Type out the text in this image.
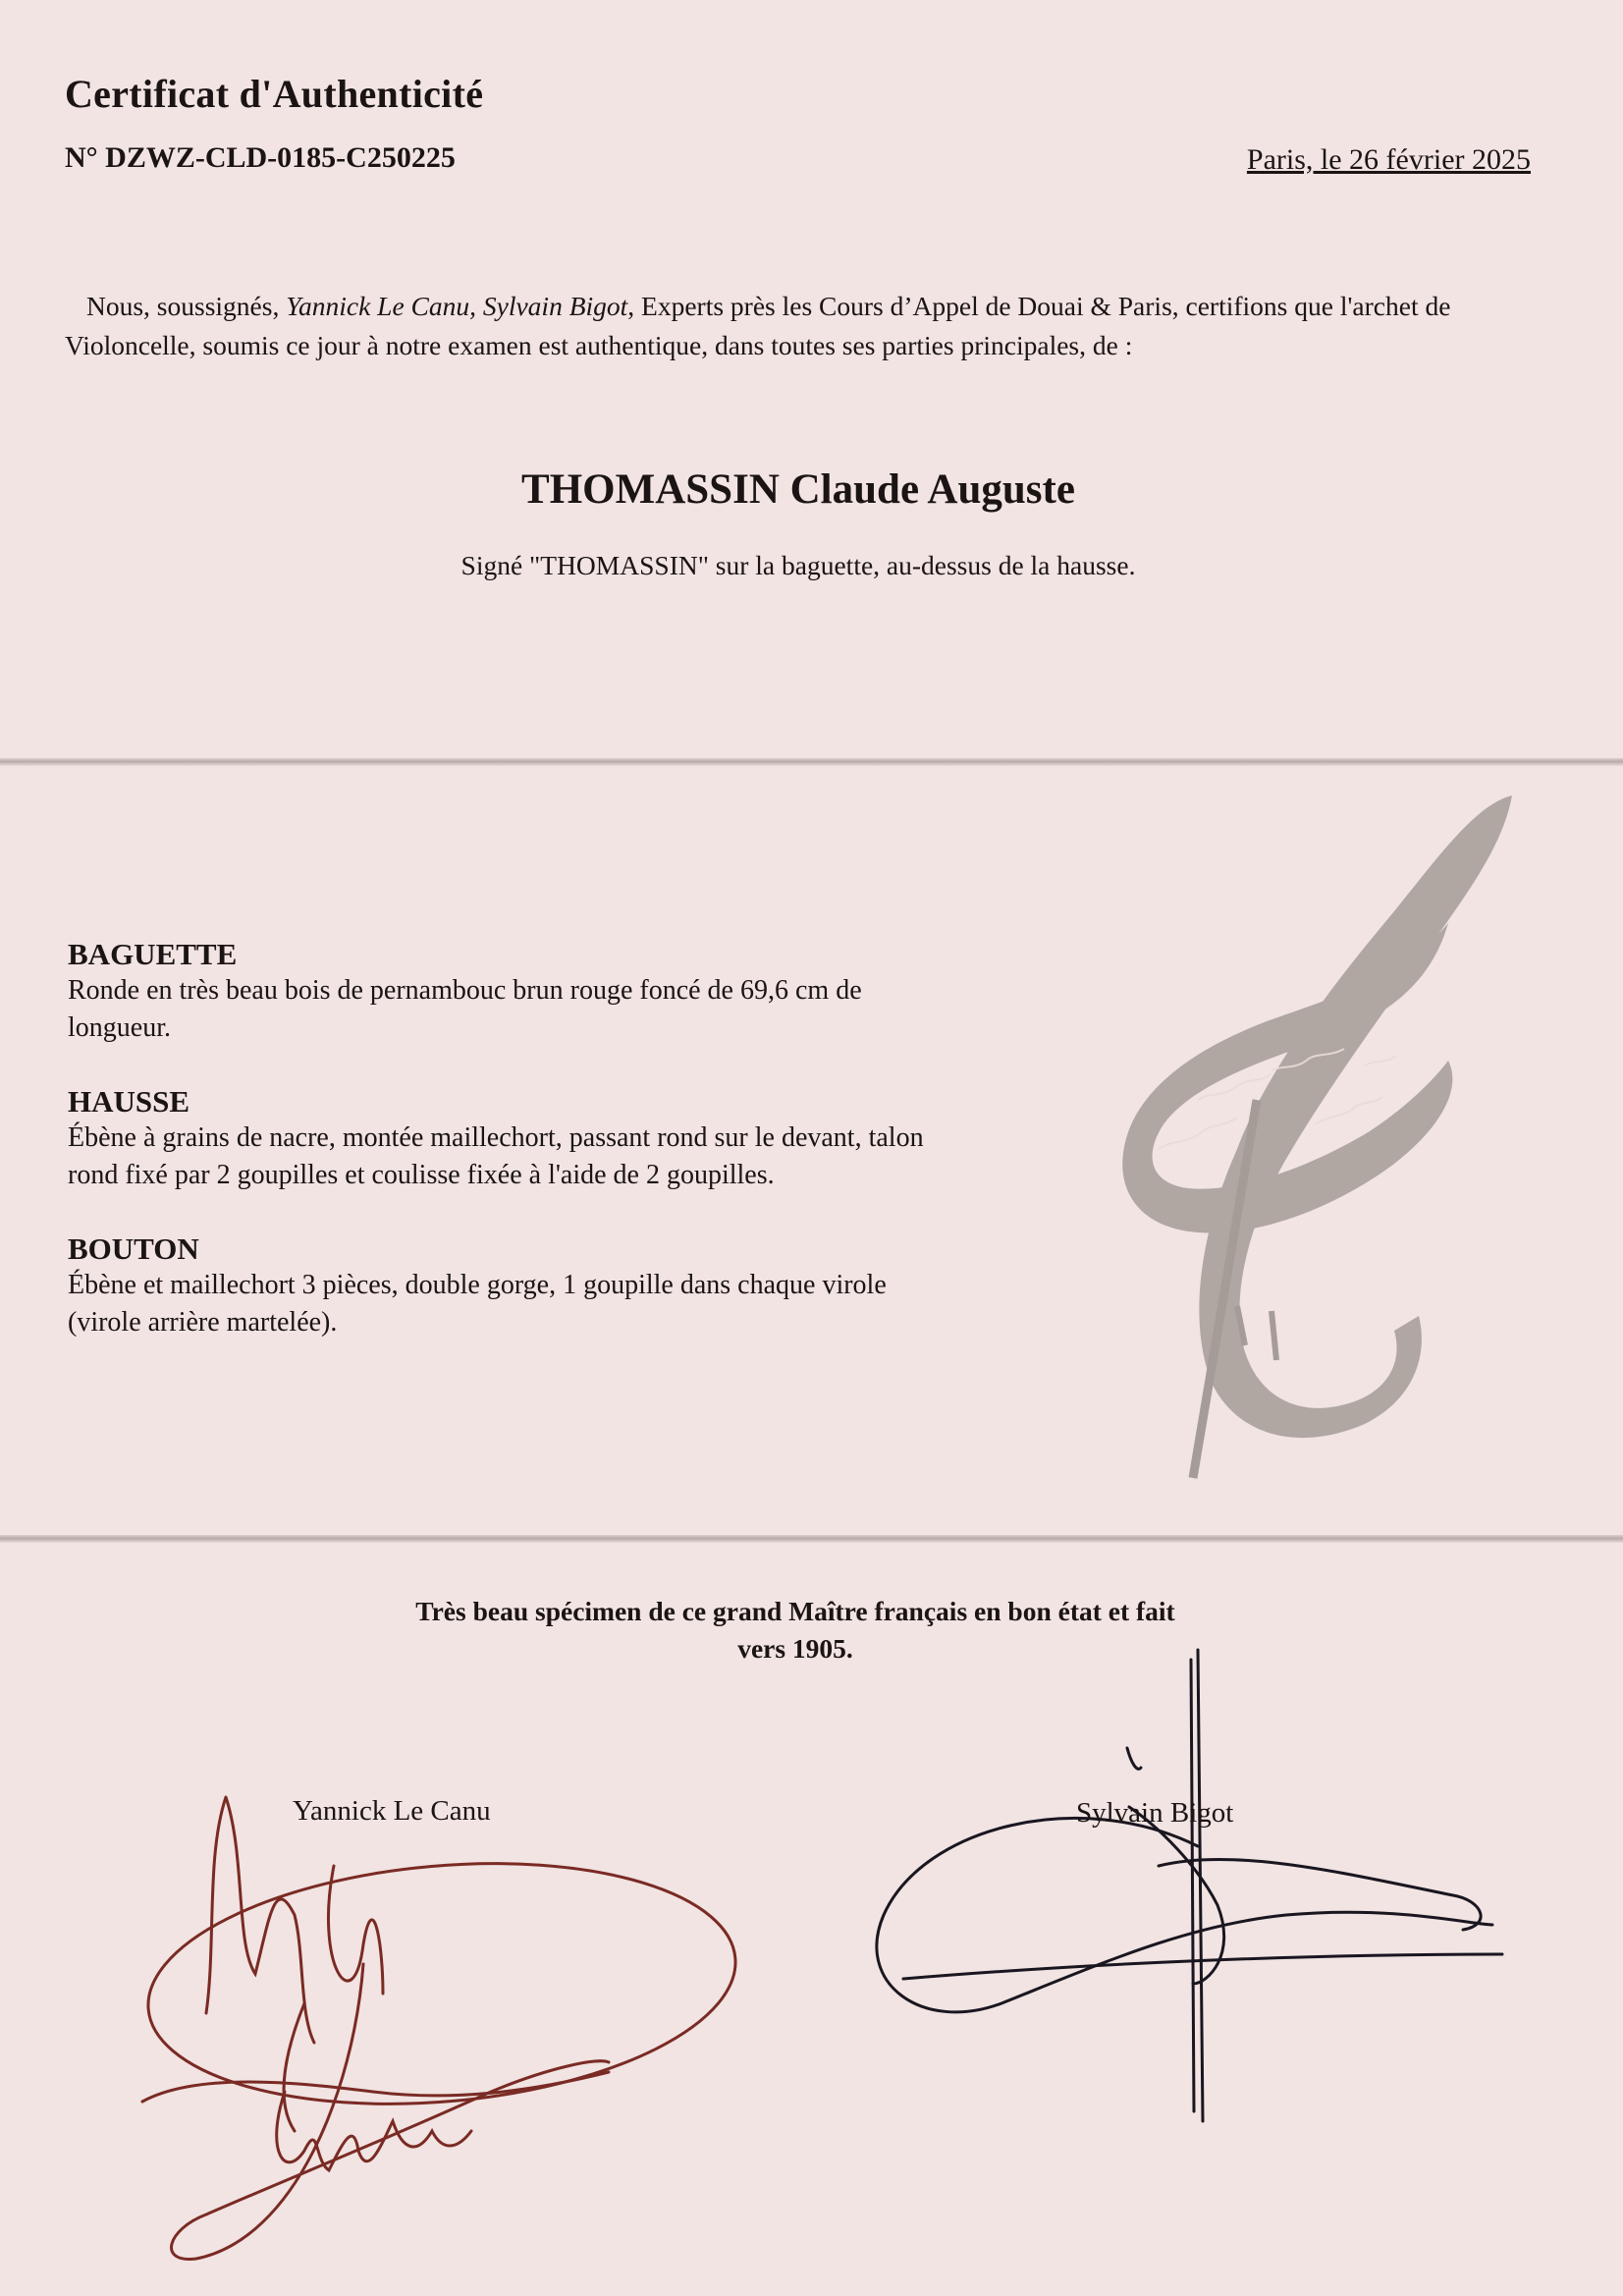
Certificat d'Authenticité
N° DZWZ-CLD-0185-C250225	Paris, le 26 février 2025
Nous, soussignés, Yannick Le Canu, Sylvain Bigot, Experts près les Cours d’Appel de Douai & Paris, certifions que l'archet de Violoncelle, soumis ce jour à notre examen est authentique, dans toutes ses parties principales, de :
THOMASSIN Claude Auguste
Signé "THOMASSIN" sur la baguette, au-dessus de la hausse.
BAGUETTE

Ronde en très beau bois de pernambouc brun rouge foncé de 69,6 cm de

longueur.

HAUSSE

Ébène à grains de nacre, montée maillechort, passant rond sur le devant, talon

rond fixé par 2 goupilles et coulisse fixée à l'aide de 2 goupilles.

BOUTON

Ébène et maillechort 3 pièces, double gorge, 1 goupille dans chaque virole

(virole arrière martelée).

Très beau spécimen de ce grand Maître français en bon état et fait
vers 1905.
Yannick Le Canu	Sylvain Bigot
